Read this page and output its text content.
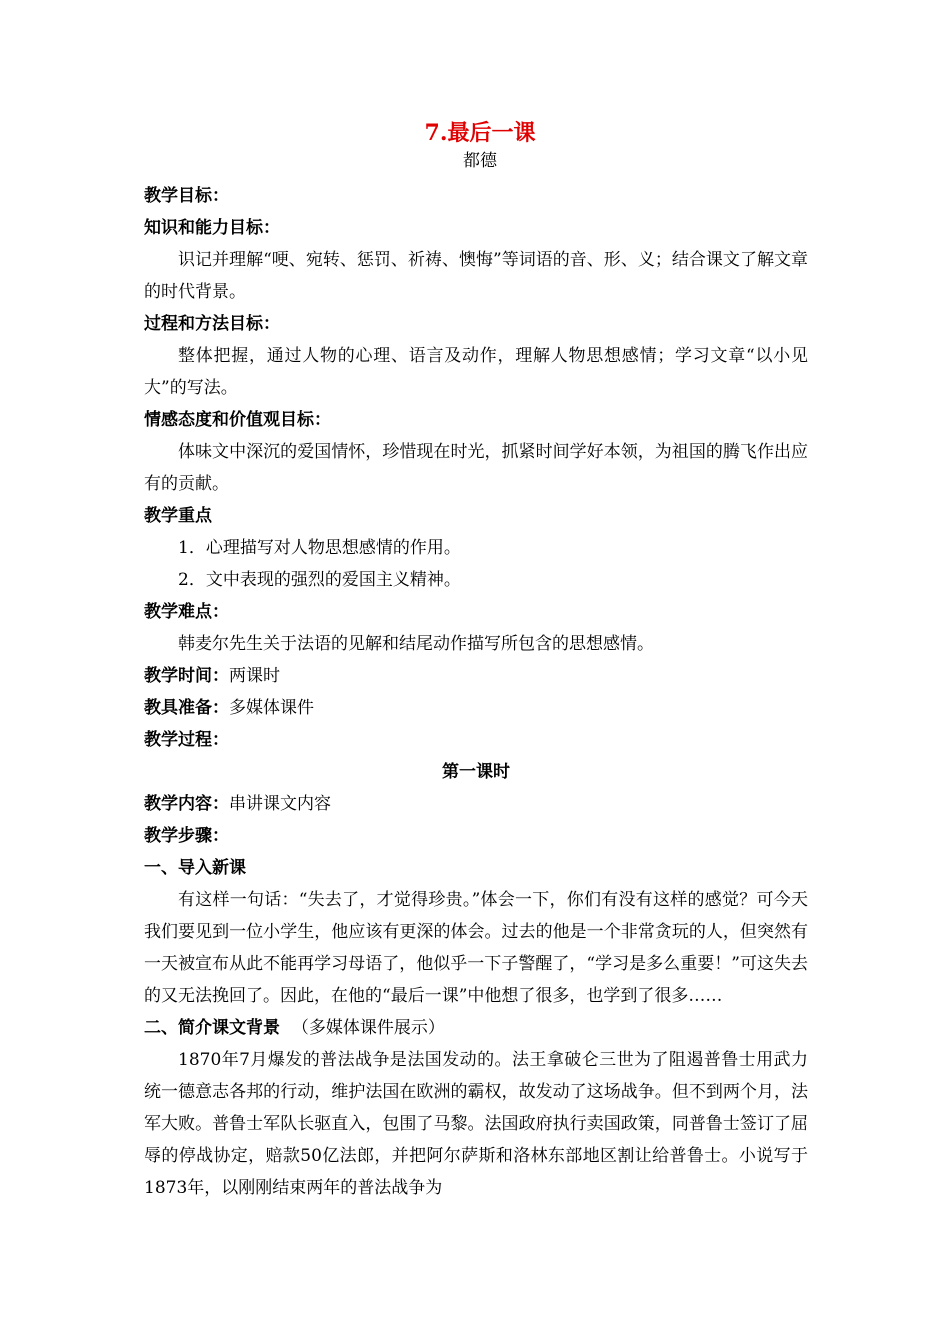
7.最后一课
都德
教学目标：
知识和能力目标：
识记并理解“哽、宛转、惩罚、祈祷、懊悔”等词语的音、形、义；结合课文了解文章的时代背景。
过程和方法目标：
整体把握，通过人物的心理、语言及动作，理解人物思想感情；学习文章“以小见大”的写法。
情感态度和价值观目标：
体味文中深沉的爱国情怀，珍惜现在时光，抓紧时间学好本领，为祖国的腾飞作出应有的贡献。
教学重点
1．心理描写对人物思想感情的作用。
2．文中表现的强烈的爱国主义精神。
教学难点：
韩麦尔先生关于法语的见解和结尾动作描写所包含的思想感情。
教学时间：两课时
教具准备：多媒体课件
教学过程：
第一课时
教学内容：串讲课文内容
教学步骤：
一、导入新课
有这样一句话：“失去了，才觉得珍贵。”体会一下，你们有没有这样的感觉？可今天我们要见到一位小学生，他应该有更深的体会。过去的他是一个非常贪玩的人，但突然有一天被宣布从此不能再学习母语了，他似乎一下子警醒了，“学习是多么重要！”可这失去的又无法挽回了。因此，在他的“最后一课”中他想了很多，也学到了很多……
二、简介课文背景 （多媒体课件展示）
1870年7月爆发的普法战争是法国发动的。法王拿破仑三世为了阻遏普鲁士用武力统一德意志各邦的行动，维护法国在欧洲的霸权，故发动了这场战争。但不到两个月，法军大败。普鲁士军队长驱直入，包围了马黎。法国政府执行卖国政策，同普鲁士签订了屈辱的停战协定，赔款50亿法郎，并把阿尔萨斯和洛林东部地区割让给普鲁士。小说写于1873年，以刚刚结束两年的普法战争为
